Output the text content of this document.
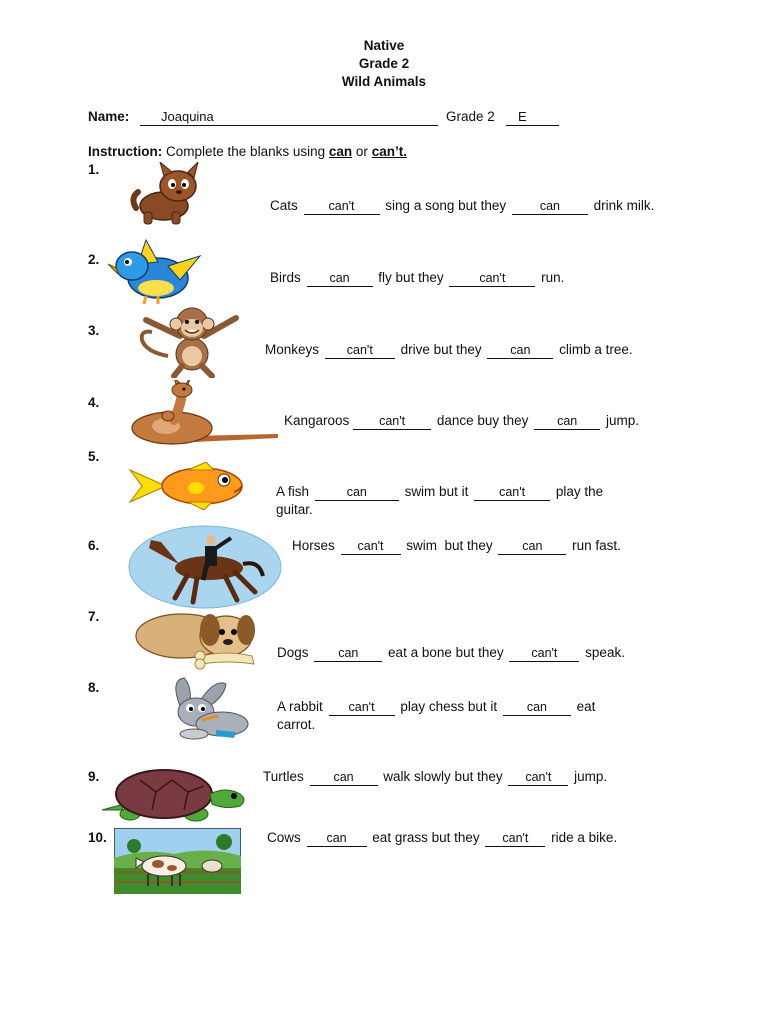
Native
Grade 2
Wild Animals
Name:	Joaquina	Grade 2	E
Instruction: Complete the blanks using can or can’t.
1.
2.
3.
4.
5.
6.
7.
8.
9.
10.
Cats can't sing a song but they	can drink milk.
Birds can fly but they	can't	run.
Monkeys can't drive but they can climb a tree.
Kangaroos can't dance buy they can jump.
A fish	can	swim but it can't play the
guitar.
Horses can't swim  but they can run fast.
Dogs can eat a bone but they can't speak.
A rabbit can't play chess but it can eat
carrot.
Turtles can walk slowly but they can't jump.
Cows can eat grass but they can't ride a bike.
